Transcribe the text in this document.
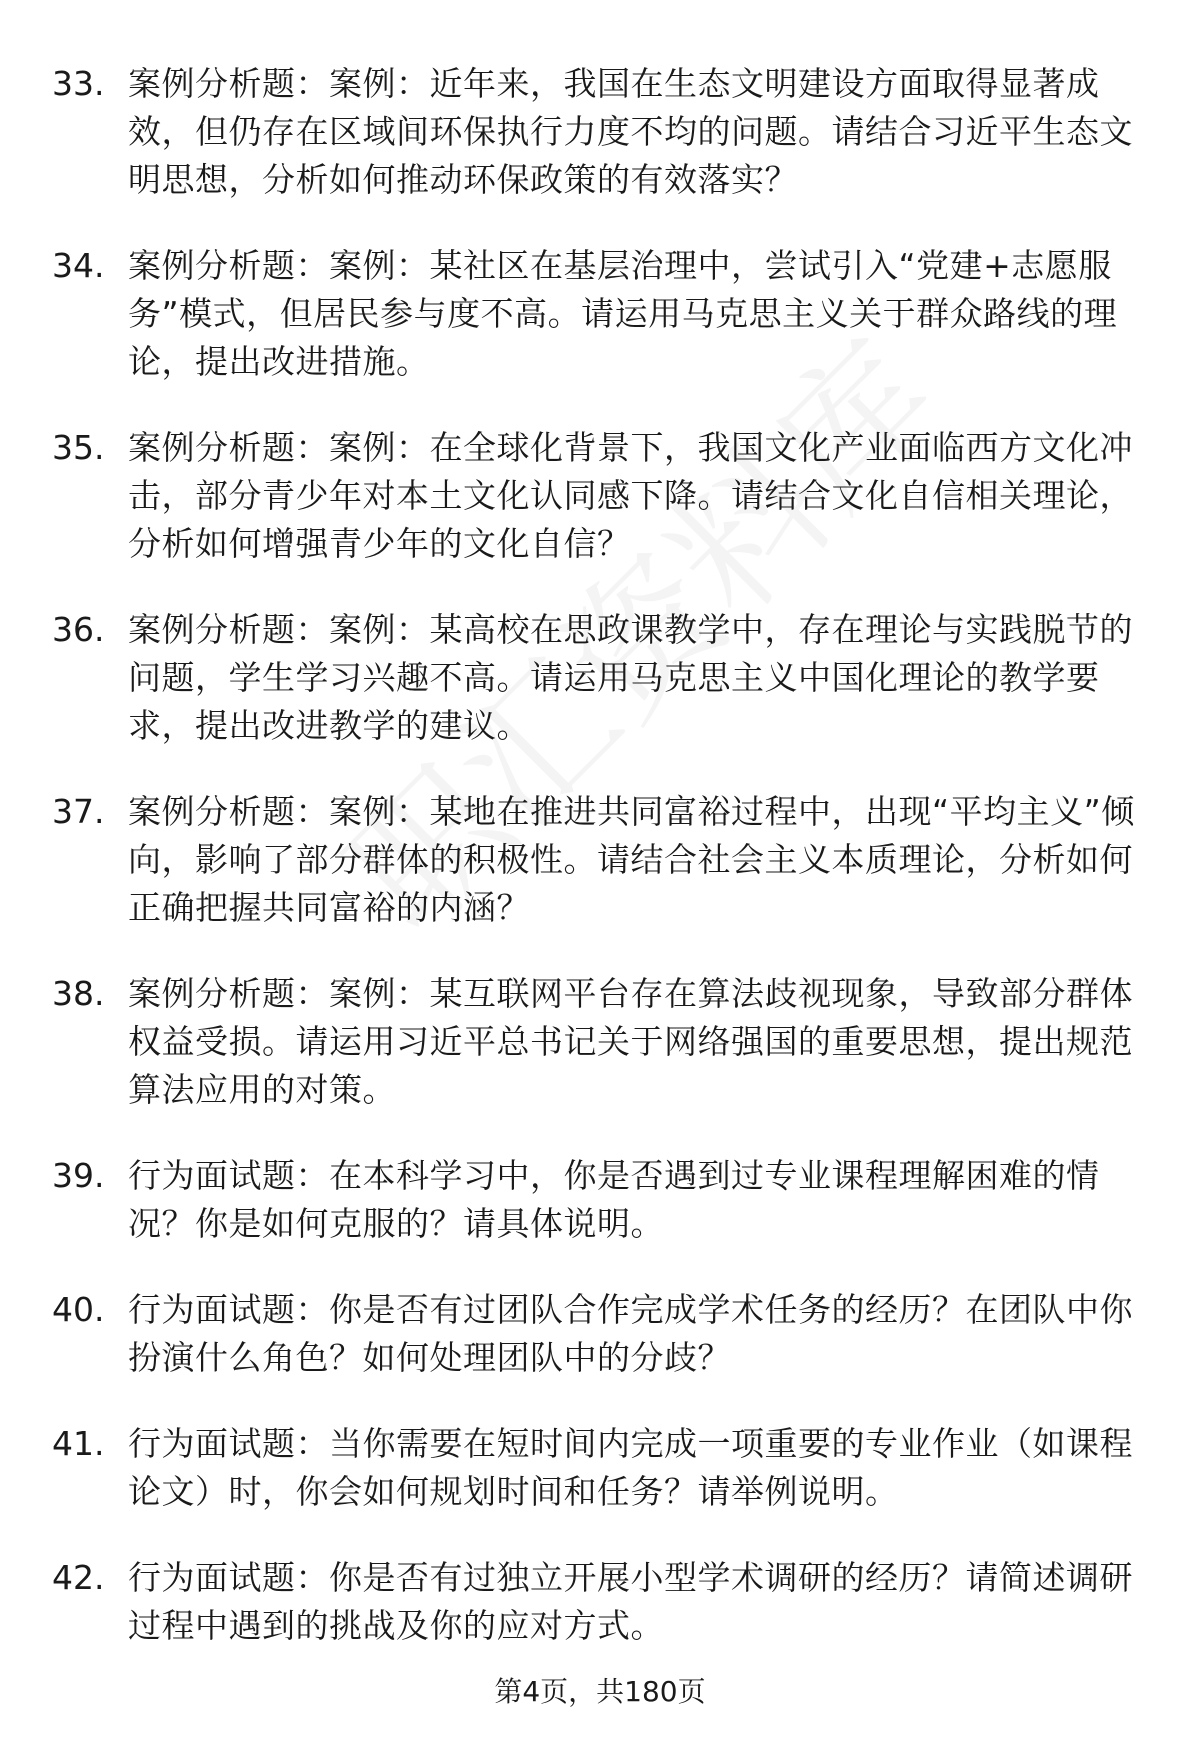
33. 案例分析题：案例：近年来，我国在生态文明建设方面取得显著成效，但仍存在区域间环保执行力度不均的问题。请结合习近平生态文明思想，分析如何推动环保政策的有效落实？
34. 案例分析题：案例：某社区在基层治理中，尝试引入“党建+志愿服务”模式，但居民参与度不高。请运用马克思主义关于群众路线的理论，提出改进措施。
35. 案例分析题：案例：在全球化背景下，我国文化产业面临西方文化冲击，部分青少年对本土文化认同感下降。请结合文化自信相关理论，分析如何增强青少年的文化自信？
36. 案例分析题：案例：某高校在思政课教学中，存在理论与实践脱节的问题，学生学习兴趣不高。请运用马克思主义中国化理论的教学要求，提出改进教学的建议。
37. 案例分析题：案例：某地在推进共同富裕过程中，出现“平均主义”倾向，影响了部分群体的积极性。请结合社会主义本质理论，分析如何正确把握共同富裕的内涵？
38. 案例分析题：案例：某互联网平台存在算法歧视现象，导致部分群体权益受损。请运用习近平总书记关于网络强国的重要思想，提出规范算法应用的对策。
39. 行为面试题：在本科学习中，你是否遇到过专业课程理解困难的情况？你是如何克服的？请具体说明。
40. 行为面试题：你是否有过团队合作完成学术任务的经历？在团队中你扮演什么角色？如何处理团队中的分歧？
41. 行为面试题：当你需要在短时间内完成一项重要的专业作业（如课程论文）时，你会如何规划时间和任务？请举例说明。
42. 行为面试题：你是否有过独立开展小型学术调研的经历？请简述调研过程中遇到的挑战及你的应对方式。
第4页，共180页
